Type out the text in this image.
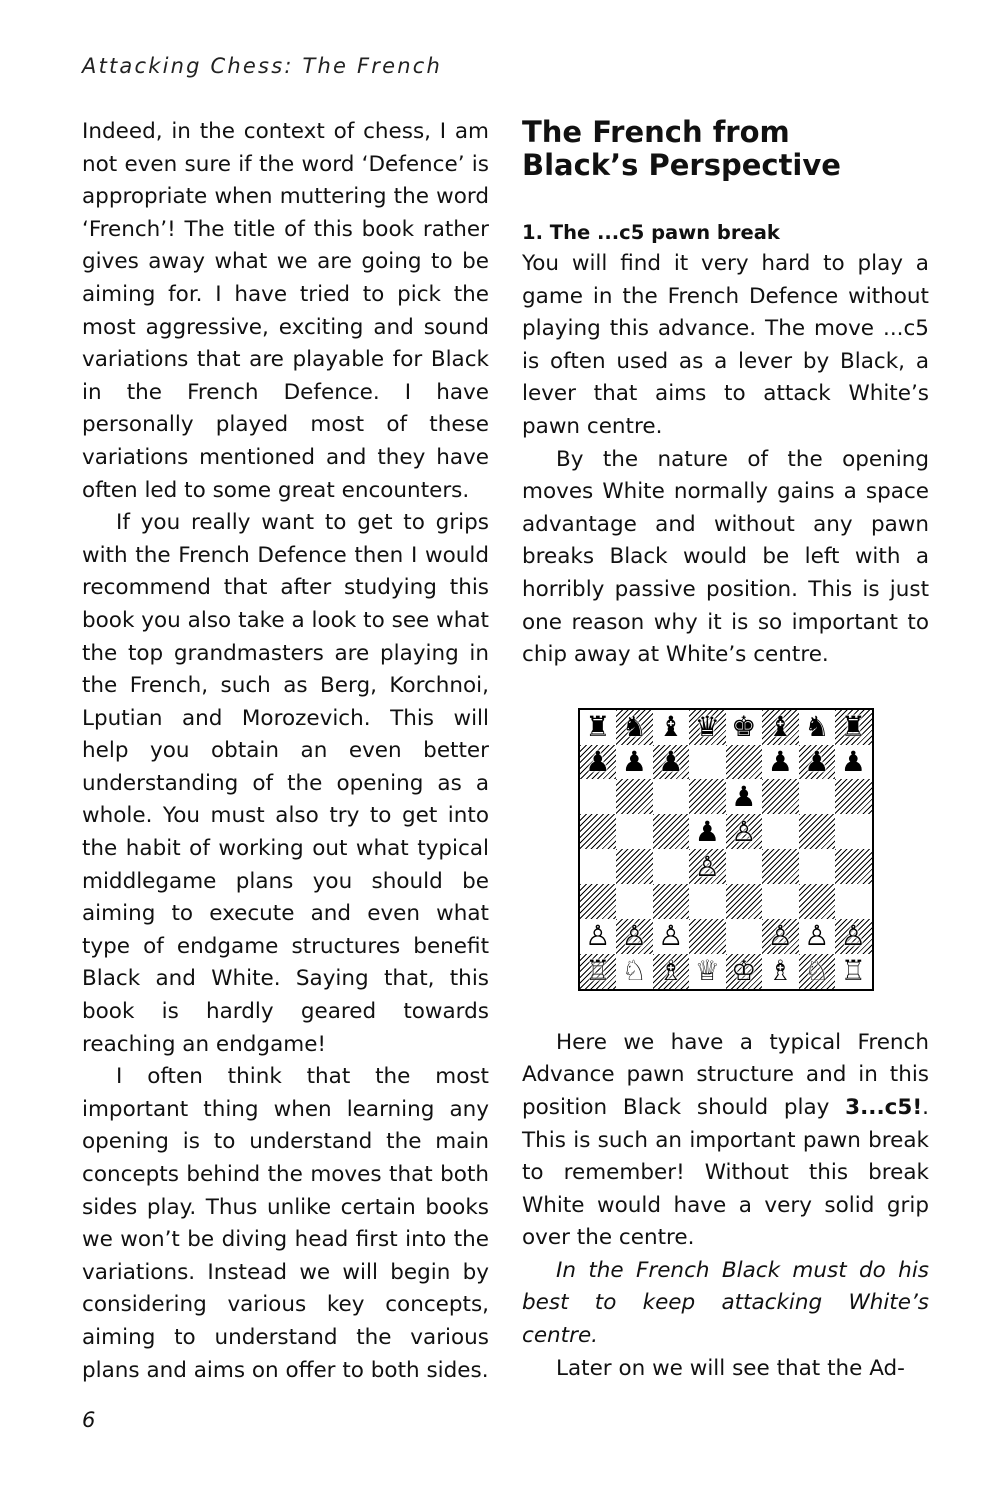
Attacking Chess: The French

Indeed, in the context of chess, I am not even sure if the word ‘Defence’ is appropriate when muttering the word ‘French’! The title of this book rather gives away what we are going to be aiming for. I have tried to pick the most aggressive, exciting and sound variations that are playable for Black in the French Defence. I have personally played most of these variations mentioned and they have often led to some great encounters.

If you really want to get to grips with the French Defence then I would recommend that after studying this book you also take a look to see what the top grandmasters are playing in the French, such as Berg, Korchnoi, Lputian and Morozevich. This will help you obtain an even better understanding of the opening as a whole. You must also try to get into the habit of working out what typical middlegame plans you should be aiming to execute and even what type of endgame structures benefit Black and White. Saying that, this book is hardly geared towards reaching an endgame!

I often think that the most important thing when learning any opening is to understand the main concepts behind the moves that both sides play. Thus unlike certain books we won’t be diving head first into the variations. Instead we will begin by considering various key concepts, aiming to understand the various plans and aims on offer to both sides.

The French from
Black’s Perspective
1. The ...c5 pawn break

You will find it very hard to play a game in the French Defence without playing this advance. The move ...c5 is often used as a lever by Black, a lever that aims to attack White’s pawn centre.

By the nature of the opening moves White normally gains a space advantage and without any pawn breaks Black would be left with a horribly passive position. This is just one reason why it is so important to chip away at White’s centre.

♜ ♞ ♝ ♛ ♚ ♝ ♞ ♜
♟ ♟ ♟	♟ ♟ ♟
♟
♟ ♙
♙
♙ ♙ ♙	♙ ♙ ♙
♖ ♘ ♗ ♕ ♔ ♗ ♘ ♖

Here we have a typical French Advance pawn structure and in this position Black should play 3...c5!. This is such an important pawn break to remember! Without this break White would have a very solid grip over the centre.

In the French Black must do his best to keep attacking White’s centre.

Later on we will see that the Ad-

6
